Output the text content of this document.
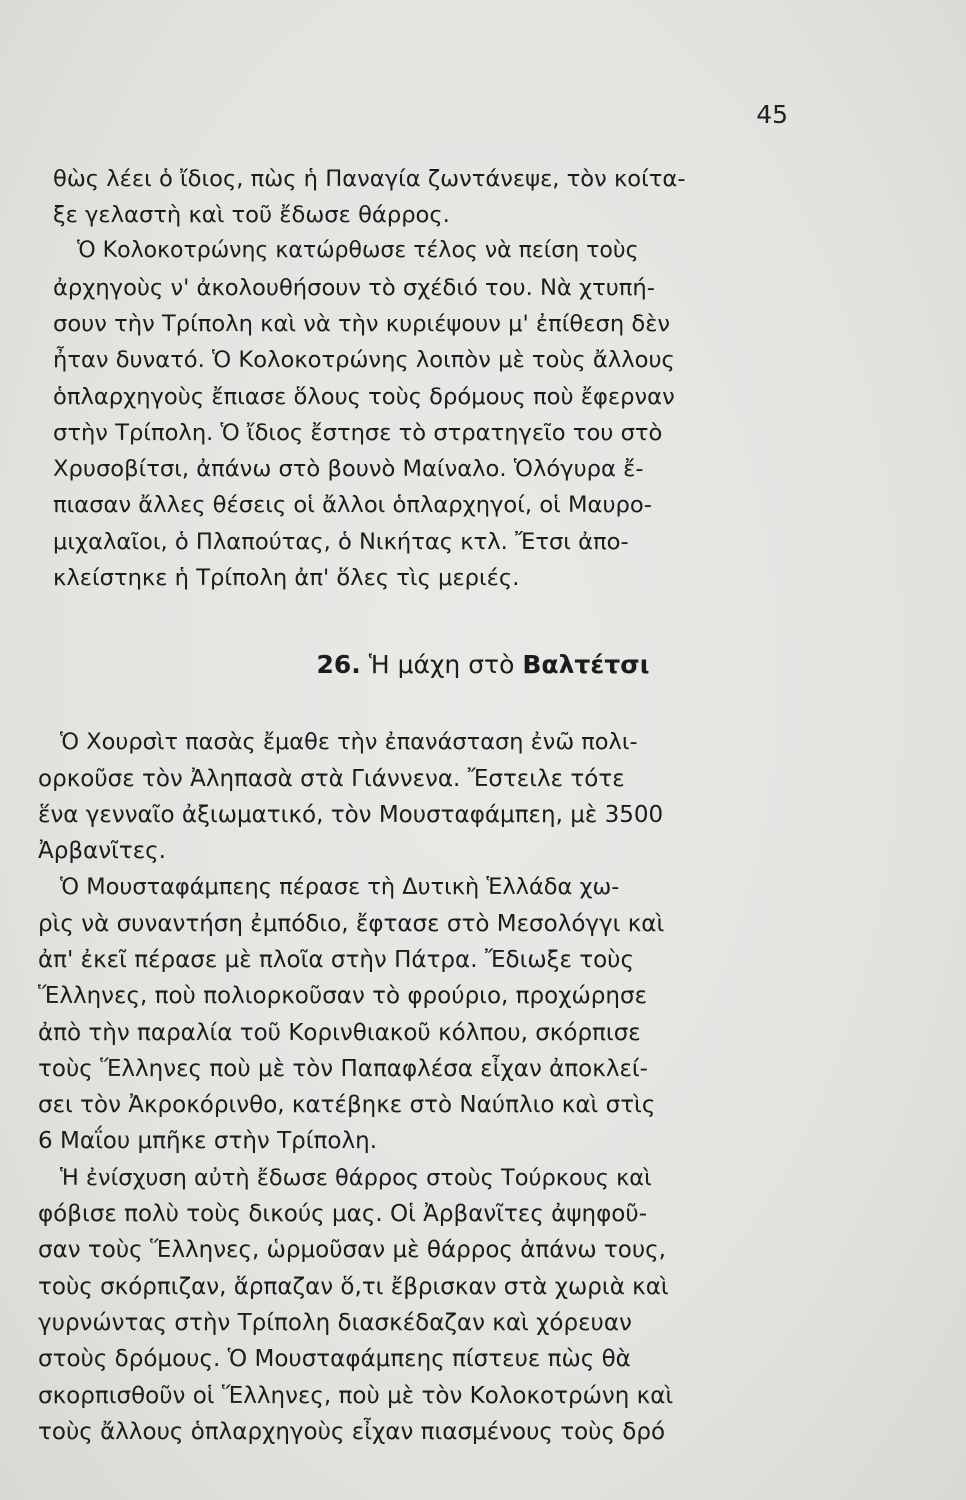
45
θὼς λέει ὁ ἴδιος, πὼς ἡ Παναγία ζωντάνεψε, τὸν κοίτα-
ξε γελαστὴ καὶ τοῦ ἔδωσε θάρρος.
Ὁ Κολοκοτρώνης κατώρθωσε τέλος νὰ πείση τοὺς
ἀρχηγοὺς ν' ἀκολουθήσουν τὸ σχέδιό του. Νὰ χτυπή-
σουν τὴν Τρίπολη καὶ νὰ τὴν κυριέψουν μ' ἐπίθεση δὲν
ἦταν δυνατό. Ὁ Κολοκοτρώνης λοιπὸν μὲ τοὺς ἄλλους
ὁπλαρχηγοὺς ἔπιασε ὅλους τοὺς δρόμους ποὺ ἔφερναν
στὴν Τρίπολη. Ὁ ἴδιος ἔστησε τὸ στρατηγεῖο του στὸ
Χρυσοβίτσι, ἀπάνω στὸ βουνὸ Μαίναλο. Ὁλόγυρα ἔ-
πιασαν ἄλλες θέσεις οἱ ἄλλοι ὁπλαρχηγοί, οἱ Μαυρο-
μιχαλαῖοι, ὁ Πλαπούτας, ὁ Νικήτας κτλ. Ἔτσι ἀπο-
κλείστηκε ἡ Τρίπολη ἀπ' ὅλες τὶς μεριές.
26. Ἡ μάχη στὸ Βαλτέτσι
Ὁ Χουρσὶτ πασὰς ἔμαθε τὴν ἐπανάσταση ἐνῶ πολι-
ορκοῦσε τὸν Ἀληπασὰ στὰ Γιάννενα. Ἔστειλε τότε
ἕνα γενναῖο ἀξιωματικό, τὸν Μουσταφάμπεη, μὲ 3500
Ἀρβανῖτες.
Ὁ Μουσταφάμπεης πέρασε τὴ Δυτικὴ Ἑλλάδα χω-
ρὶς νὰ συναντήση ἐμπόδιο, ἔφτασε στὸ Μεσολόγγι καὶ
ἀπ' ἐκεῖ πέρασε μὲ πλοῖα στὴν Πάτρα. Ἔδιωξε τοὺς
Ἕλληνες, ποὺ πολιορκοῦσαν τὸ φρούριο, προχώρησε
ἀπὸ τὴν παραλία τοῦ Κορινθιακοῦ κόλπου, σκόρπισε
τοὺς Ἕλληνες ποὺ μὲ τὸν Παπαφλέσα εἶχαν ἀποκλεί-
σει τὸν Ἀκροκόρινθο, κατέβηκε στὸ Ναύπλιο καὶ στὶς
6 Μαΐου μπῆκε στὴν Τρίπολη.
Ἡ ἐνίσχυση αὐτὴ ἔδωσε θάρρος στοὺς Τούρκους καὶ
φόβισε πολὺ τοὺς δικούς μας. Οἱ Ἀρβανῖτες ἀψηφοῦ-
σαν τοὺς Ἕλληνες, ὡρμοῦσαν μὲ θάρρος ἀπάνω τους,
τοὺς σκόρπιζαν, ἅρπαζαν ὅ,τι ἔβρισκαν στὰ χωριὰ καὶ
γυρνώντας στὴν Τρίπολη διασκέδαζαν καὶ χόρευαν
στοὺς δρόμους. Ὁ Μουσταφάμπεης πίστευε πὼς θὰ
σκορπισθοῦν οἱ Ἕλληνες, ποὺ μὲ τὸν Κολοκοτρώνη καὶ
τοὺς ἄλλους ὁπλαρχηγοὺς εἶχαν πιασμένους τοὺς δρό
